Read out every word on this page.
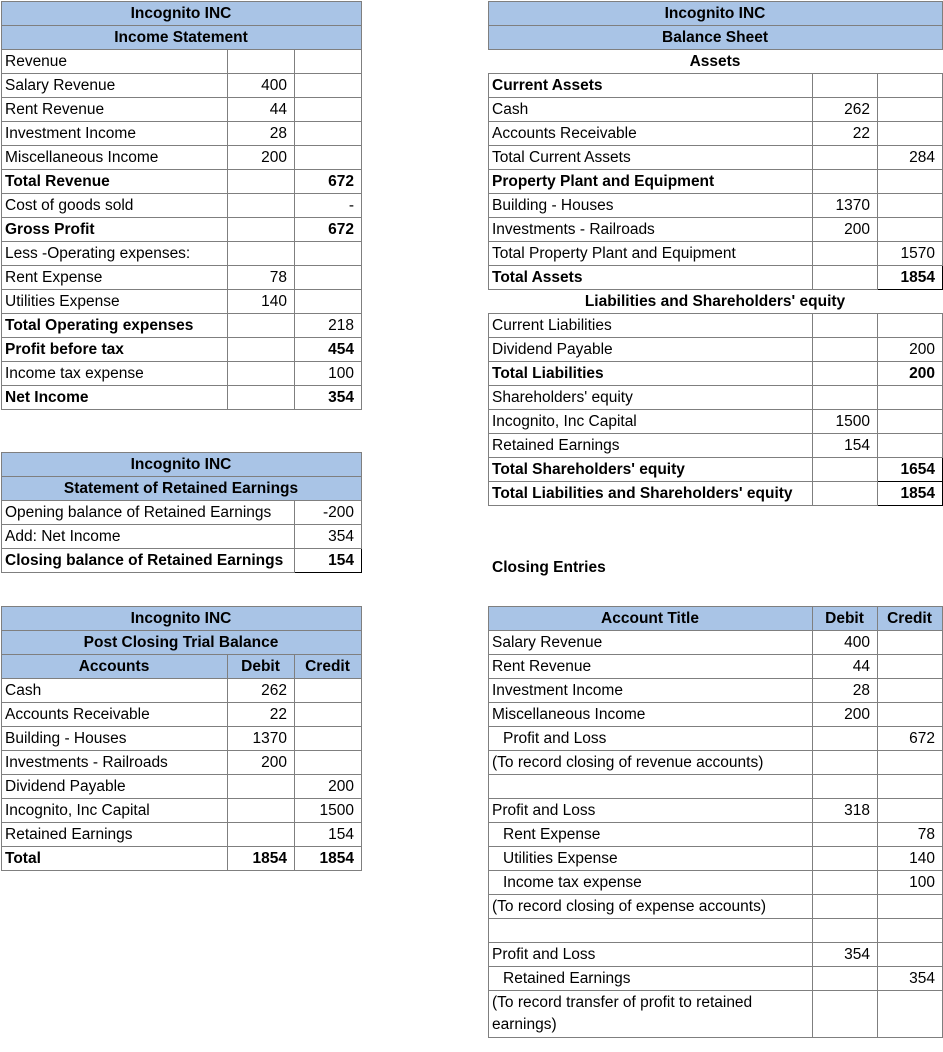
Incognito INC		
Income Statement		
Revenue		
Salary Revenue	400	
Rent Revenue	44	
Investment Income	28	
Miscellaneous Income	200	
Total Revenue		672
Cost of goods sold		-
Gross Profit		672
Less -Operating expenses:		
Rent Expense	78	
Utilities Expense	140	
Total Operating expenses		218
Profit before tax		454
Income tax expense		100
Net Income		354
Incognito INC	
Statement of Retained Earnings	
Opening balance of Retained Earnings	-200
Add: Net Income	354
Closing balance of Retained Earnings	154
Incognito INC		
Post Closing Trial Balance		
Accounts	Debit	Credit
Cash	262	
Accounts Receivable	22	
Building - Houses	1370	
Investments - Railroads	200	
Dividend Payable		200
Incognito, Inc Capital		1500
Retained Earnings		154
Total	1854	1854
Incognito INC		
Balance Sheet		
Assets		
Current Assets		
Cash	262	
Accounts Receivable	22	
Total Current Assets		284
Property Plant and Equipment		
Building - Houses	1370	
Investments - Railroads	200	
Total Property Plant and Equipment		1570
Total Assets		1854
Liabilities and Shareholders' equity		
Current Liabilities		
Dividend Payable		200
Total Liabilities		200
Shareholders' equity		
Incognito, Inc Capital	1500	
Retained Earnings	154	
Total Shareholders' equity		1654
Total Liabilities and Shareholders' equity		1854
Closing Entries
Account Title	Debit	Credit
Salary Revenue	400	
Rent Revenue	44	
Investment Income	28	
Miscellaneous Income	200	
Profit and Loss		672
(To record closing of revenue accounts)		

Profit and Loss	318	
Rent Expense		78
Utilities Expense		140
Income tax expense		100
(To record closing of expense accounts)		

Profit and Loss	354	
Retained Earnings		354
(To record transfer of profit to retained earnings)		
